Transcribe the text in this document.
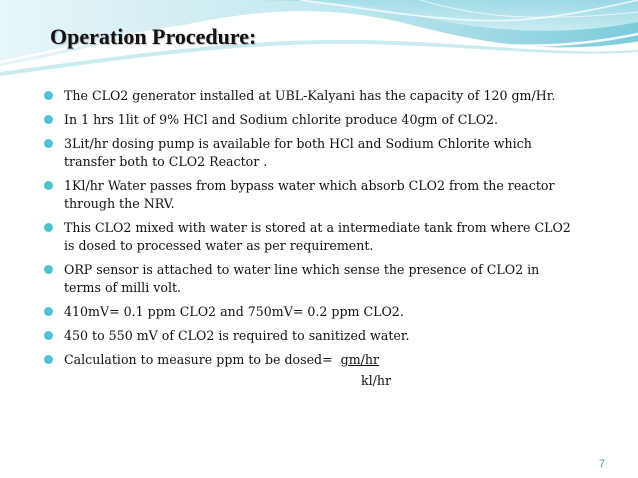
Operation Procedure:
The CLO2 generator installed at UBL-Kalyani has the capacity of 120 gm/Hr.
In 1 hrs 1lit of 9% HCl and Sodium chlorite produce 40gm of CLO2.
3Lit/hr dosing pump is available for both HCl and Sodium Chlorite which
transfer both to CLO2 Reactor .
1Kl/hr Water passes from bypass water which absorb CLO2 from the reactor
through the NRV.
This CLO2 mixed with water is stored at a intermediate tank from where CLO2
is dosed to processed water as per requirement.
ORP sensor is attached to water line which sense the presence of CLO2 in
terms of milli volt.
410mV= 0.1 ppm CLO2 and 750mV= 0.2 ppm CLO2.
450 to 550 mV of CLO2 is required to sanitized water.
Calculation to measure ppm to be dosed=  gm/hr
kl/hr
7
